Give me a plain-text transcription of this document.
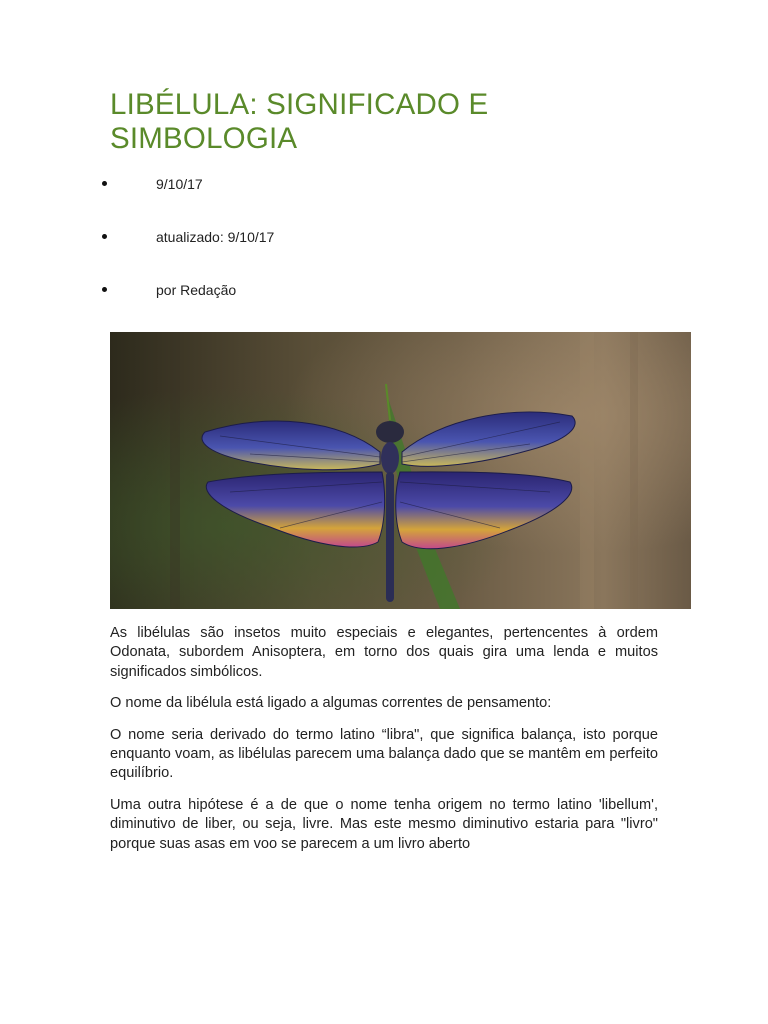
LIBÉLULA: SIGNIFICADO E SIMBOLOGIA
9/10/17
atualizado: 9/10/17
por Redação

As libélulas são insetos muito especiais e elegantes, pertencentes à ordem Odonata, subordem Anisoptera, em torno dos quais gira uma lenda e muitos significados simbólicos.

O nome da libélula está ligado a algumas correntes de pensamento:

O nome seria derivado do termo latino “libra", que significa balança, isto porque enquanto voam, as libélulas parecem uma balança dado que se mantêm em perfeito equilíbrio.

Uma outra hipótese é a de que o nome tenha origem no termo latino 'libellum', diminutivo de liber, ou seja, livre. Mas este mesmo diminutivo estaria para "livro" porque suas asas em voo se parecem a um livro aberto
